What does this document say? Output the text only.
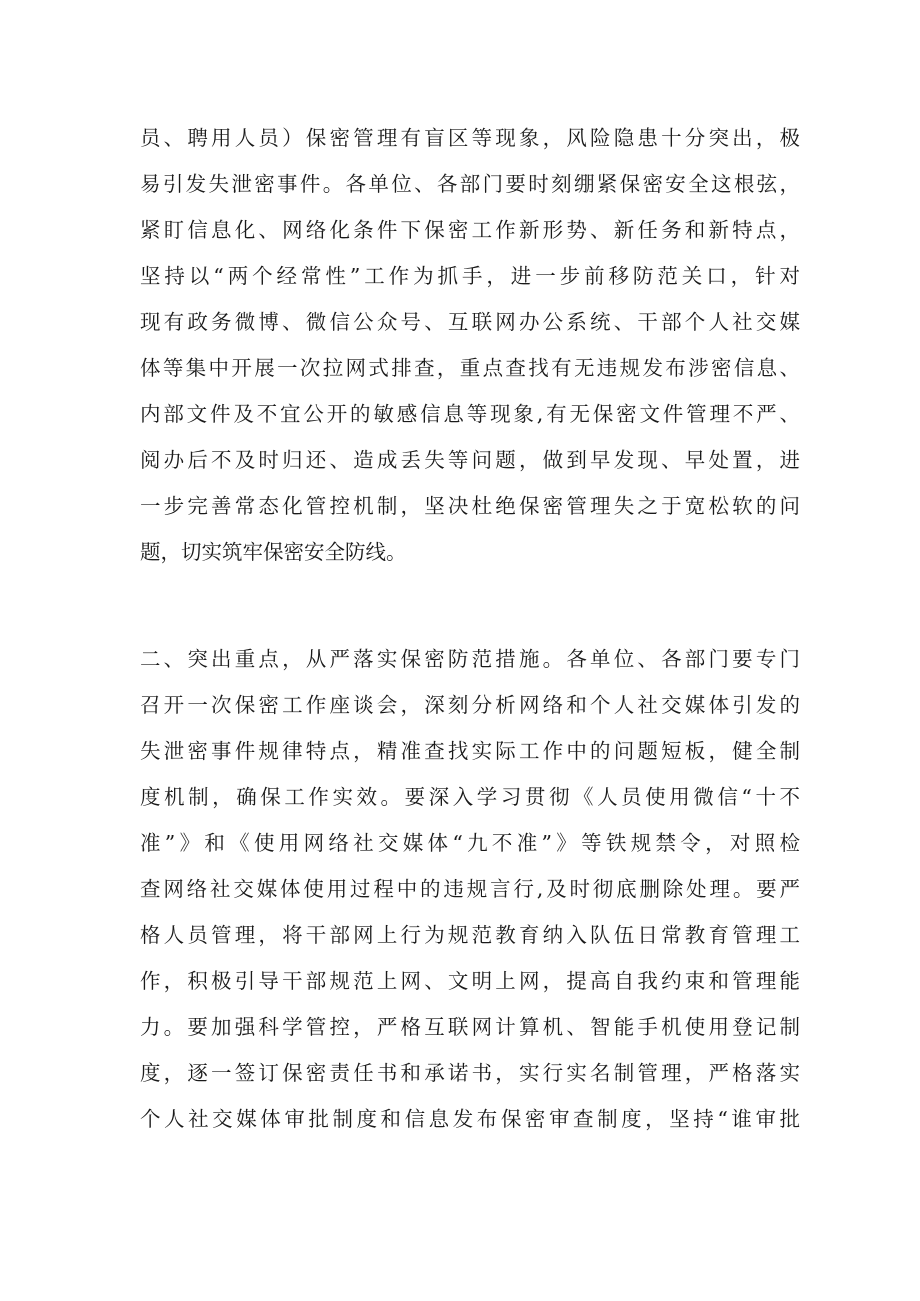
员、聘用人员）保密管理有盲区等现象，风险隐患十分突出，极
易引发失泄密事件。各单位、各部门要时刻绷紧保密安全这根弦，
紧盯信息化、网络化条件下保密工作新形势、新任务和新特点，
坚持以“两个经常性”工作为抓手，进一步前移防范关口，针对
现有政务微博、微信公众号、互联网办公系统、干部个人社交媒
体等集中开展一次拉网式排查，重点查找有无违规发布涉密信息、
内部文件及不宜公开的敏感信息等现象,有无保密文件管理不严、
阅办后不及时归还、造成丢失等问题，做到早发现、早处置，进
一步完善常态化管控机制，坚决杜绝保密管理失之于宽松软的问
题，切实筑牢保密安全防线。
二、突出重点，从严落实保密防范措施。各单位、各部门要专门
召开一次保密工作座谈会，深刻分析网络和个人社交媒体引发的
失泄密事件规律特点，精准查找实际工作中的问题短板，健全制
度机制，确保工作实效。要深入学习贯彻《人员使用微信“十不
准”》和《使用网络社交媒体“九不准”》等铁规禁令，对照检
查网络社交媒体使用过程中的违规言行,及时彻底删除处理。要严
格人员管理，将干部网上行为规范教育纳入队伍日常教育管理工
作，积极引导干部规范上网、文明上网，提高自我约束和管理能
力。要加强科学管控，严格互联网计算机、智能手机使用登记制
度，逐一签订保密责任书和承诺书，实行实名制管理，严格落实
个人社交媒体审批制度和信息发布保密审查制度，坚持“谁审批
